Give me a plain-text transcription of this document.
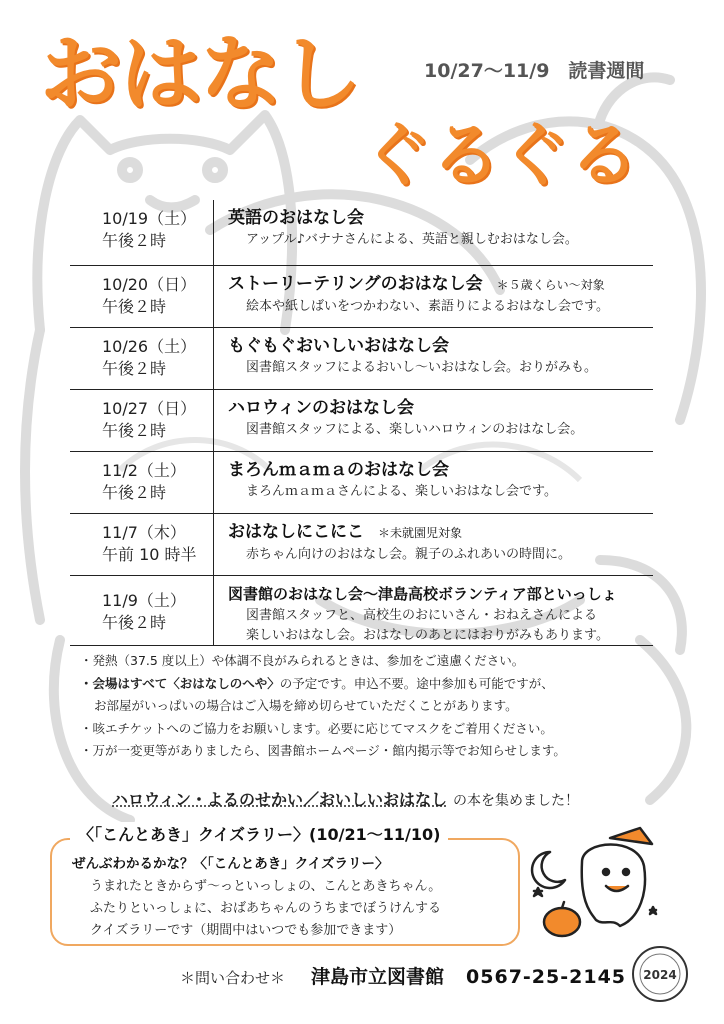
おはなし
ぐるぐる
10/27〜11/9　読書週間
10/19（土）
午後２時
英語のおはなし会
アップル♪バナナさんによる、英語と親しむおはなし会。
10/20（日）
午後２時
ストーリーテリングのおはなし会 ＊５歳くらい〜対象
絵本や紙しばいをつかわない、素語りによるおはなし会です。
10/26（土）
午後２時
もぐもぐおいしいおはなし会
図書館スタッフによるおいし〜いおはなし会。おりがみも。
10/27（日）
午後２時
ハロウィンのおはなし会
図書館スタッフによる、楽しいハロウィンのおはなし会。
11/2（土）
午後２時
まろんｍａｍａのおはなし会
まろんｍａｍａさんによる、楽しいおはなし会です。
11/7（木）
午前 10 時半
おはなしにこにこ ＊未就園児対象
赤ちゃん向けのおはなし会。親子のふれあいの時間に。
11/9（土）
午後２時
図書館のおはなし会〜津島高校ボランティア部といっしょ
図書館スタッフと、高校生のおにいさん・おねえさんによる
楽しいおはなし会。おはなしのあとにはおりがみもあります。
・発熱（37.5 度以上）や体調不良がみられるときは、参加をご遠慮ください。
・会場はすべて〈おはなしのへや〉の予定です。申込不要。途中参加も可能ですが、
お部屋がいっぱいの場合はご入場を締め切らせていただくことがあります。
・咳エチケットへのご協力をお願いします。必要に応じてマスクをご着用ください。
・万が一変更等がありましたら、図書館ホームページ・館内掲示等でお知らせします。
ハロウィン・よるのせかい／おいしいおはなし の本を集めました！
〈「こんとあき」クイズラリー〉(10/21〜11/10)
ぜんぶわかるかな？〈「こんとあき」クイズラリー〉
うまれたときからず〜っといっしょの、こんとあきちゃん。
ふたりといっしょに、おばあちゃんのうちまでぼうけんする
クイズラリーです（期間中はいつでも参加できます）
＊問い合わせ＊ 津島市立図書館 0567-25-2145 2024
